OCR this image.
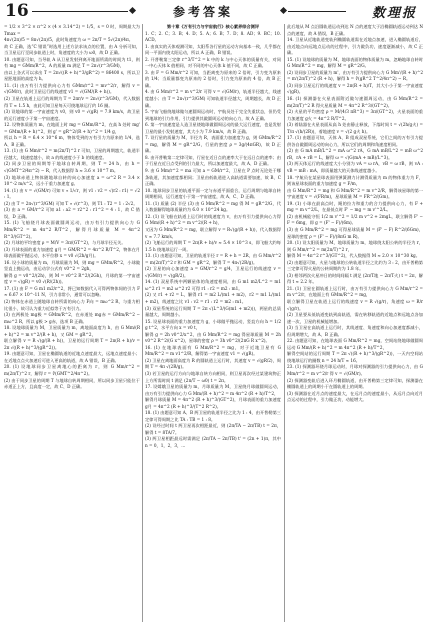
16	参考答案	数理报

= 1/2 × 3^2 × π^2 × (4 × 3.14^2) = 1/5，s = 0 时，周期最大为 Tmax =

4π√(2π)/5 = 8π√(2π)/5，此时角速度为 ω = 2π/T = 5√(2π)/4π。

故 C 正确，选“C 错误”时选用上述方法求该点的位置，由 A 分析可知，当卫星运行至同步轨道上时，角速度的大小为 ω0，故 D 正确。

10. 由题意可知，当导轨 A 从卫星发射到离开地面所需的时间为 t1，则有 mg = GMm/R^2，A 的质量 m 满足 T = 2π√(r^3/GM)，

由以上各式可以求出 T = 2π√((R + h)^3/gR^2) = 86400 s，所以卫星距地面的高度为 h。

11. (1) 由万有引力提供向心力有 GMm/r^2 = mv^2/r，解得 v = √(GM/r)，此时卫星运行的线速度 v1 = √(GM/(R + h))。

(2) 卫星在轨道上运行的周期为 T = 2πr/v = 2π√(r^3/GM)，代入数据得 T ≈ 1.5 h，由此可知卫星每天可绕地球运行约 16 圈。

(3) 设地球的第一宇宙速度为 v0，则 v0 = √(gR) = 7.9 km/s，故卫星的运行速度小于第一宇宙速度。

12. 设物体质量为 m，在地面上时 mg = GMm/R^2，在高 h 处时 mg' = GMm/(R + h)^2，则 g' = gR^2/(R + h)^2 = 1/4 g，

所以 h = R = 6.4 × 10^6 m，物体受到的万有引力为原来的 1/4，选 A、B 正确。

13. (1) 由 G Mm/r^2 = m(2π/T)^2 r 可知，卫星的周期越大，轨道半径越大，线速度越小，故 a 的线速度小于 b 的线速度。

(2) 同步卫星的周期等于地球自转周期，则 T = 24 h，由 h = √(GMT^2/4π^2) − R，代入数据得 h ≈ 3.6 × 10^7 m。

(3) 地球赤道上物体随地球自转的向心加速度 a = ω^2 R = 3.4 × 10^-2 m/s^2，远小于重力加速度 g。

14. (1) 由 v = √(GM/r) 可知 v ∝ 1/√r，则 v1 : v2 = √(r2 : r1) = √2 : 1。

(2) 由 T = 2π√(r^3/GM) 可知 T ∝ √(r^3)，则 T1 : T2 = 1 : 2√2。

(3) 由 a = GM/r^2 可知 a1 : a2 = r2^2 : r1^2 = 4 : 1，故 C 错误，D 正确。

15. (1) 飞船绕月球表面做圆周运动，由万有引力提供向心力 G Mm/R^2 = m 4π^2 R/T^2，解得月球质量 M = 4π^2 R^3/(GT^2)。

(2) 月球的平均密度 ρ = M/V = 3π/(GT^2)，与月球半径无关。

(3) 月球表面的重力加速度 g月 = GM/R^2 = 4π^2 R/T^2，物体在月球表面做平抛运动，水平位移 x = v0 √(2h/g月)。

16. 设小球的质量为 m，月球质量为 M，则 mg = GMm/R^2，小球做竖直上抛运动，由运动学公式有 v0^2 = 2gh，

解得 g = v0^2/(2h)，则 M = v0^2 R^2/(2Gh)，月球的第一宇宙速度 v = √(gR) = v0 √(R/(2h))。

17. (1) 由 F = G m1 m2/r^2，将已知数据代入可得两物体间的引力 F ≈ 6.67 × 10^-11 N，引力非常小，通常可以忽略。

(2) 物体在赤道上随地球自转所需的向心力 F向 = mω^2 R，与重力相比很小，故可认为重力近似等于万有引力。

(3) 在两极处 mg极 = GMm/R^2，在赤道处 mg赤 = GMm/R^2 − mω^2 R，所以 g极 > g赤，选项 B 正确。

18. 设地球质量为 M，卫星质量为 m，离地面高度为 h，由 G Mm/(R + h)^2 = m v^2/(R + h)，又 GM = gR^2，

联立解得 v = R √(g/(R + h))，卫星的运行周期 T = 2π(R + h)/v = 2π √((R + h)^3/(gR^2))。

19. 由题意可知，卫星在椭圆轨道的近地点速度最大，远地点速度最小；在近地点点火加速后可进入更高的轨道，故 A 错误，B 正确。

20. (1) 设地球同步卫星离地心的距离为 r，则 G Mm/r^2 = m(2π/T)^2 r，解得 r = ∛(GMT^2/4π^2)。

(2) 由于同步卫星的周期 T 与地球自转周期相同，所以同步卫星只能位于赤道正上方，且高度一定，故 C、D 正确。

第十章《万有引力与宇宙航行》核心素养综合测评

1. C；2. C；3. B；4. D；5. A；6. B；7. D；8. AD；9. BC；10. ACD。

1. 由真实的天体观测可知，太阳系各行星的运动方向基本一致，几乎都在同一平面内绕太阳运动，所以 A 正确，B 错误。

2. 开普勒第三定律 r^3/T^2 = k 中的 k 与中心天体的质量有关，对同一中心天体 k 值相同，对不同的中心天体 k 值不同，故 C 正确。

3. 由 F = G Mm/r^2 可知，当距离变为原来的 2 倍时，引力变为原来的 1/4；当质量都变为原来的 2 倍时，引力变为原来的 4 倍，故 B 正确。

4. 由 G Mm/r^2 = m v^2/r 可得 v = √(GM/r)，轨道半径越大，线速度越小；由 T = 2π√(r^3/GM) 可知轨道半径越大，周期越长，故 D 正确。

5. 宇宙飞船绕地球做匀速圆周运动时，宇航员处于完全失重状态，但仍受到地球的引力作用，引力提供其做圆周运动的向心力，故 A 正确。

6. 第一宇宙速度是人造卫星绕地球做圆周运动的最大运行速度，也是发射卫星的最小发射速度，其大小为 7.9 km/s，故 B 正确。

7. 设行星的质量为 M，半径为 R，表面重力加速度为 g，则 GMm/R^2 = mg，解得 M = gR^2/G，行星的密度 ρ = 3g/(4πGR)，故 D 正确。

8. 由开普勒第二定律可知，行星在近日点的速率大于在远日点的速率；由于行星在近日点受到的引力最大，所以加速度最大，故 A、D 正确。

9. 由 G Mm/r^2 = ma 可知 a = GM/r^2，卫星在 P 点时无论处于哪条轨道，其加速度都相同；卫星由低轨道进入高轨道需要加速，故 B、C 正确。

10. 地球同步卫星的轨道平面一定与赤道平面重合，运行周期与地球自转周期相同，运行速度小于第一宇宙速度，故 A、C、D 正确。

11. (1) 质量 (2) 半径 (3) 由 G Mm/R^2 = mg 得 M = gR^2/G，代入数据解得地球质量约为 6.0 × 10^24 kg。

12. (1) 设飞船在轨道上运行时的线速度为 v，由万有引力提供向心力得 G Mm/(R + h)^2 = m v^2/(R + h)，

又因为 G Mm/R^2 = mg，联立解得 v = R√(g/(R + h))，代入数据得 v ≈ 7.7 km/s。

(2) 飞船运行的周期 T = 2π(R + h)/v ≈ 5.4 × 10^3 s，即飞船大约每 1.5 h 绕地球运行一周。

13. (1) 由题意可知，卫星的轨道半径 r = R + h = 2R，由 G Mm/r^2 = m(2π/T)^2 r 和 GM = gR^2，解得 T = 4π√(2R/g)。

(2) 卫星的向心加速度 a = GM/r^2 = g/4，卫星运行的线速度 v = √(GM/r) = √(gR/2)。

14. (1) 双星系统中两颗星体的角速度相同，由 G m1 m2/L^2 = m1 ω^2 r1 = m2 ω^2 r2 可得 r1 : r2 = m2 : m1。

(2) 又 r1 + r2 = L，解得 r1 = m2 L/(m1 + m2)，r2 = m1 L/(m1 + m2)，线速度之比 v1 : v2 = r1 : r2 = m2 : m1。

(3) 双星系统的运行周期 T = 2π √(L^3/(G(m1 + m2)))，两星的总质量越大，周期越小。

15. 设星球表面的重力加速度为 g，小球做平抛运动，竖直方向 h = 1/2 g t^2，水平方向 x = v0 t，

解得 g = 2h v0^2/x^2，由 G Mm/R^2 = mg 得星球质量 M = 2h v0^2 R^2/(G x^2)，星球的密度 ρ = 3h v0^2/(2πG R x^2)。

16. (1) 在地球表面有 G Mm/R^2 = mg，对于近地卫星有 G Mm/R^2 = m v1^2/R，解得第一宇宙速度 v1 = √(gR)。

(2) 卫星在离地面高度为 R 的圆轨道上运行时，其速度 v = √(gR/2)，周期 T = 4π √(2R/g)。

(3) 若卫星的运行方向与地球自转方向相同，则卫星再次经过某建筑物正上方所需时间 t 满足 (2π/T − ω0) t = 2π。

17. 设嫦娥卫星的质量为 m，月球质量为 M，卫星绕月球做圆周运动，由万有引力提供向心力 G Mm/(R + h)^2 = m 4π^2 (R + h)/T^2，

解得月球质量 M = 4π^2 (R + h)^3/(GT^2)，月球表面的重力加速度 g月 = 4π^2 (R + h)^3/(T^2 R^2)。

18. (1) 由题意可知 A、B 两卫星的轨道半径之比为 1 : 4，由开普勒第三定律可得周期之比 TA : TB = 1 : 8。

(2) 设经过时间 t 两卫星再次相距最近，则 (2π/TA − 2π/TB) t = 2π，解得 t = 8TA/7。

(3) 两卫星相距最远时需满足 (2π/TA − 2π/TB) t' = (2n + 1)π，其中 n = 0，1，2，3，…

此后地从 M 点沿圆轨道运动到达 N 点的速度大于沿椭圆轨道运动到达 N 点的速度，故 A 错误，B 正确。

14. 卫星从近地轨道变轨到椭圆轨道需在近地点加速，进入椭圆轨道后，由近地点向远地点运动的过程中，引力做负功，速度逐渐减小，故 C 正确。

15. (1) 设地球的质量为 M，地球表面的物体质量为 m，忽略地球自转时 G Mm/R^2 = mg，解得 M = gR^2/G。

(2) 设同步卫星的质量为 m'，由万有引力提供向心力 G Mm'/(R + h)^2 = m'(2π/T)^2 (R + h)，解得 h = ∛(gR^2 T^2/4π^2) − R。

(3) 同步卫星运行的线速度 v = 2π(R + h)/T，其大小小于第一宇宙速度 √(gR)。

16. (1) 探测器在火星表面附近做匀速圆周运动，由 G Mm/R^2 = m(2π/T)^2 R 得火星质量 M = 4π^2 R^3/(GT^2)。

(2) 火星的平均密度 ρ = M/(4/3 πR^3) = 3π/(GT^2)，火星表面的重力加速度 g火 = 4π^2 R/T^2。

(3) 着陆器在火星表面从高 h 处由静止释放，下落时间 t = √(2h/g火) = T/π √(h/(2R))，着地速度 v = √(2 g火 h)。

17. (1) 由题意可知，天体 A、B 组成双星系统，它们之间的万有引力提供各自做圆周运动的向心力，所以它们的周期和角速度相同。

(2) 由 G mA mB/L^2 = mA ω^2 rA，G mA mB/L^2 = mB ω^2 rB，rA + rB = L，解得 ω = √(G(mA + mB)/L^3)。

(3) 两天体运行的线速度大小分别为 vA = ω rA，vB = ω rB，则 vA : vB = mB : mA，即质量越大的天体线速度越小。

18. 宇航员在某星球表面用弹簧测力计测得质量为 m 的物体重力为 F，则该星球表面的重力加速度 g = F/m，

由 G Mm/R^2 = mg 和 G Mm/R^2 = m v^2/R，解得该星球的第一宇宙速度 v = √(FR/m)，星球质量 M = FR^2/(Gm)。

19. (1) 小球在最高点时，绳的拉力和重力的合力提供向心力，有 F + mg = m v^2/L，在最低点时 F' − mg = m v'^2/L。

(2) 由机械能守恒 1/2 m v'^2 = 1/2 m v^2 + 2mgL，联立解得 F' − F = 6mg，即 g = (F' − F)/(6m)。

(3) 由 G Mm/R^2 = mg 可得星球质量 M = (F' − F) R^2/(6Gm)，星球的密度 ρ = (F' − F)/(8πG m R)。

20. (1) 设太阳质量为 M，地球质量为 m，地球绕太阳公转的半径为 r，则 G Mm/r^2 = m(2π/T)^2 r，

解得 M = 4π^2 r^3/(GT^2)，代入数据得 M ≈ 2.0 × 10^30 kg。

(2) 由题意可知，火星与地球的公转轨道半径之比约为 3 : 2，由开普勒第三定律可得火星的公转周期约为 1.8 年。

(3) 相邻两次火星冲日的时间间隔 t 满足 (2π/T地 − 2π/T火) t = 2π，解得 t ≈ 2.2 年。

21. (1) 卫星在圆轨道上运行时，由万有引力提供向心力 G Mm/r^2 = m v^2/r，在地面上有 GMm/R^2 = mg，

联立解得卫星在轨道上运行的线速度 v = R √(g/r)，角速度 ω = R/r √(g/r)。

(2) 卫星要从低轨道变轨到高轨道，需在转移轨道的近地点和远地点各加速一次，卫星的机械能增加。

(3) 当卫星在高轨道上运行时，其线速度、角速度和向心加速度都减小，但周期增大，故 A、B 正确。

22. 由题意可知，在地球表面 G Mm/R^2 = mg，空间站绕地球做圆周运动 G Mm/(R + h)^2 = m 4π^2 (R + h)/T^2，

解得空间站的运行周期 T = 2π √((R + h)^3/(gR^2))，一天内空间站绕地球运行的圈数 n = 24 h/T ≈ 16。

23. (1) 探测器环绕月球运动时，月球对探测器的引力提供向心力，由 G Mm/r^2 = m v^2/r 得 v = √(GM/r)。

(2) 探测器变轨后进入环月椭圆轨道，由开普勒第三定律可知，探测器在椭圆轨道上的周期小于在圆轨道上的周期。

(3) 探测器在近月点的速度最大，在远月点的速度最小，从远月点向近月点运动的过程中，引力做正功，动能增大。
